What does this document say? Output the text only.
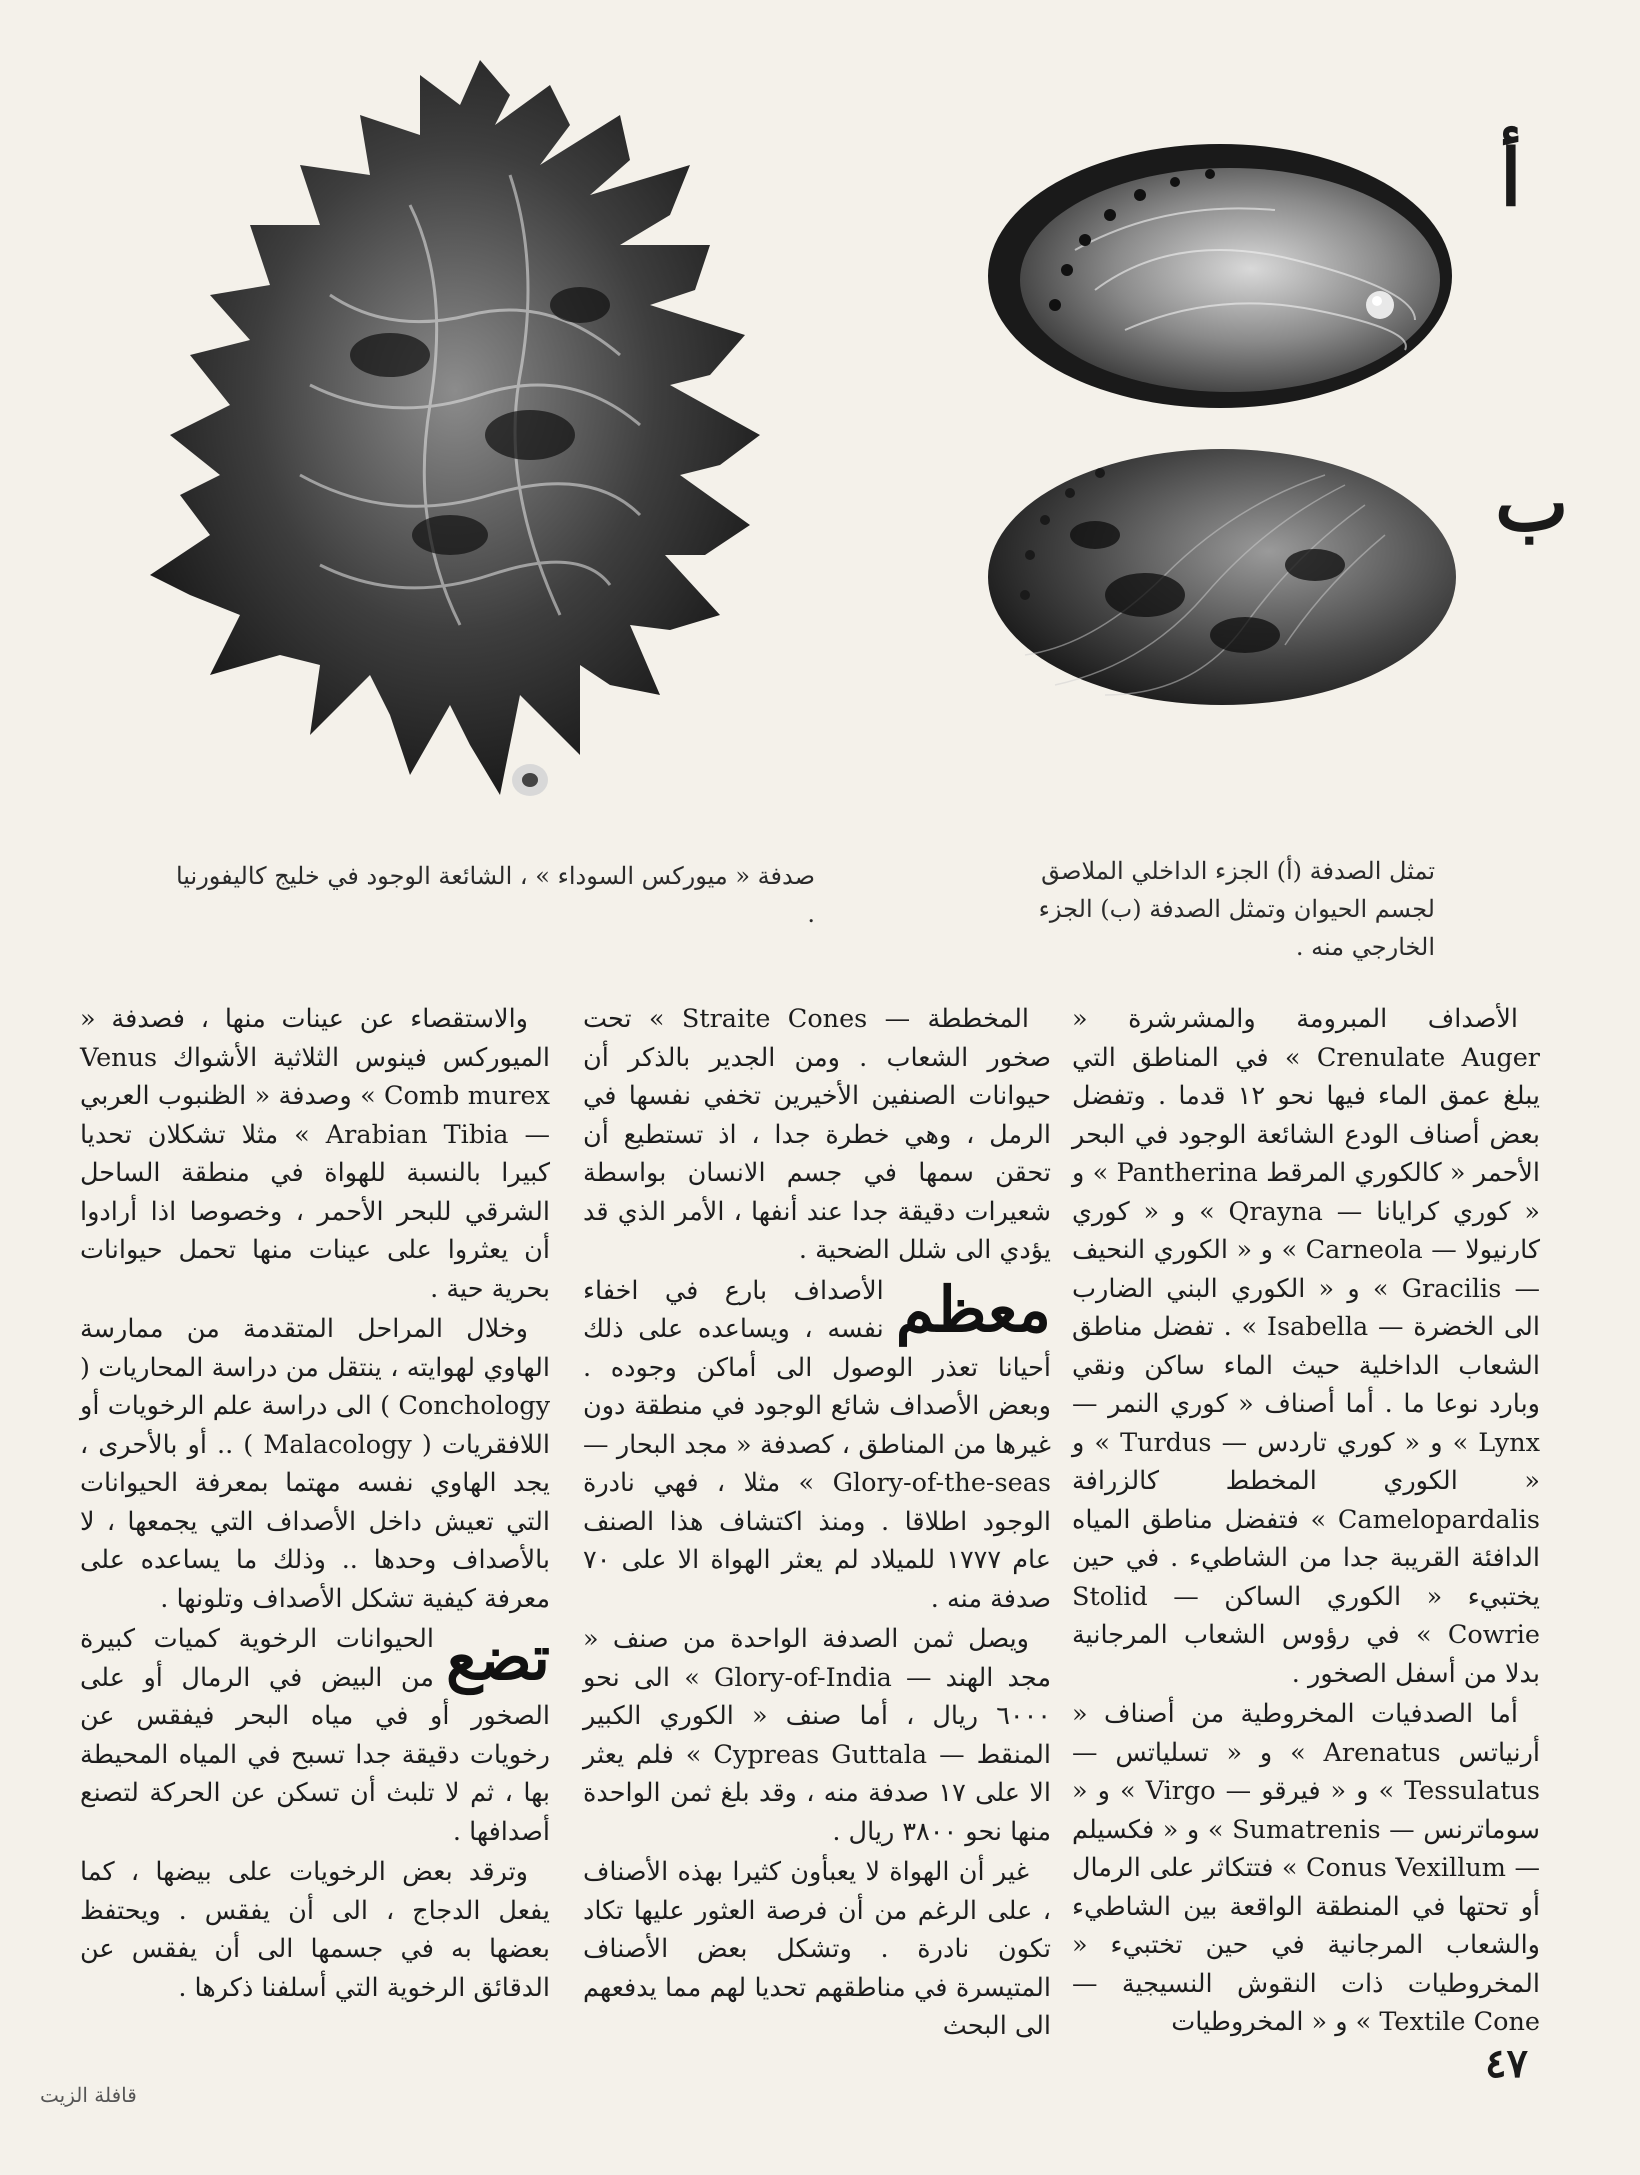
أ
ب
صدفة « ميوركس السوداء » ، الشائعة الوجود في خليج كاليفورنيا .
تمثل الصدفة (أ) الجزء الداخلي الملاصق لجسم الحيوان وتمثل الصدفة (ب) الجزء الخارجي منه .

الأصداف المبرومة والمشرشرة « Crenulate Auger » في المناطق التي يبلغ عمق الماء فيها نحو ١٢ قدما . وتفضل بعض أصناف الودع الشائعة الوجود في البحر الأحمر « كالكوري المرقط Pantherina » و « كوري كرايانا — Qrayna » و « كوري كارنيولا — Carneola » و « الكوري النحيف — Gracilis » و « الكوري البني الضارب الى الخضرة — Isabella » . تفضل مناطق الشعاب الداخلية حيث الماء ساكن ونقي وبارد نوعا ما . أما أصناف « كوري النمر — Lynx » و « كوري تاردس — Turdus » و « الكوري المخطط كالزرافة Camelopardalis » فتفضل مناطق المياه الدافئة القريبة جدا من الشاطيء . في حين يختبيء « الكوري الساكن — Stolid Cowrie » في رؤوس الشعاب المرجانية بدلا من أسفل الصخور .

أما الصدفيات المخروطية من أصناف « أرنياتس Arenatus » و « تسلياتس — Tessulatus » و « فيرقو — Virgo » و « سوماترنس — Sumatrenis » و « فكسيلم — Conus Vexillum » فتتكاثر على الرمال أو تحتها في المنطقة الواقعة بين الشاطيء والشعاب المرجانية في حين تختبيء « المخروطيات ذات النقوش النسيجية — Textile Cone » و « المخروطيات

المخططة — Straite Cones » تحت صخور الشعاب . ومن الجدير بالذكر أن حيوانات الصنفين الأخيرين تخفي نفسها في الرمل ، وهي خطرة جدا ، اذ تستطيع أن تحقن سمها في جسم الانسان بواسطة شعيرات دقيقة جدا عند أنفها ، الأمر الذي قد يؤدي الى شلل الضحية .

معظم
الأصداف بارع في اخفاء نفسه ، ويساعده على ذلك أحيانا تعذر الوصول الى أماكن وجوده . وبعض الأصداف شائع الوجود في منطقة دون غيرها من المناطق ، كصدفة « مجد البحار — Glory-of-the-seas » مثلا ، فهي نادرة الوجود اطلاقا . ومنذ اكتشاف هذا الصنف عام ١٧٧٧ للميلاد لم يعثر الهواة الا على ٧٠ صدفة منه .

ويصل ثمن الصدفة الواحدة من صنف « مجد الهند — Glory-of-India » الى نحو ٦٠٠٠ ريال ، أما صنف « الكوري الكبير المنقط — Cypreas Guttala » فلم يعثر الا على ١٧ صدفة منه ، وقد بلغ ثمن الواحدة منها نحو ٣٨٠٠ ريال .

غير أن الهواة لا يعبأون كثيرا بهذه الأصناف ، على الرغم من أن فرصة العثور عليها تكاد تكون نادرة . وتشكل بعض الأصناف المتيسرة في مناطقهم تحديا لهم مما يدفعهم الى البحث

والاستقصاء عن عينات منها ، فصدفة « الميوركس فينوس الثلاثية الأشواك Venus Comb murex » وصدفة « الظنبوب العربي — Arabian Tibia » مثلا تشكلان تحديا كبيرا بالنسبة للهواة في منطقة الساحل الشرقي للبحر الأحمر ، وخصوصا اذا أرادوا أن يعثروا على عينات منها تحمل حيوانات بحرية حية .

وخلال المراحل المتقدمة من ممارسة الهاوي لهوايته ، ينتقل من دراسة المحاريات ( Conchology ) الى دراسة علم الرخويات أو اللافقريات ( Malacology ) .. أو بالأحرى ، يجد الهاوي نفسه مهتما بمعرفة الحيوانات التي تعيش داخل الأصداف التي يجمعها ، لا بالأصداف وحدها .. وذلك ما يساعده على معرفة كيفية تشكل الأصداف وتلونها .

تضع
الحيوانات الرخوية كميات كبيرة من البيض في الرمال أو على الصخور أو في مياه البحر فيفقس عن رخويات دقيقة جدا تسبح في المياه المحيطة بها ، ثم لا تلبث أن تسكن عن الحركة لتصنع أصدافها .

وترقد بعض الرخويات على بيضها ، كما يفعل الدجاج ، الى أن يفقس . ويحتفظ بعضها به في جسمها الى أن يفقس عن الدقائق الرخوية التي أسلفنا ذكرها .

٤٧
قافلة الزيت
